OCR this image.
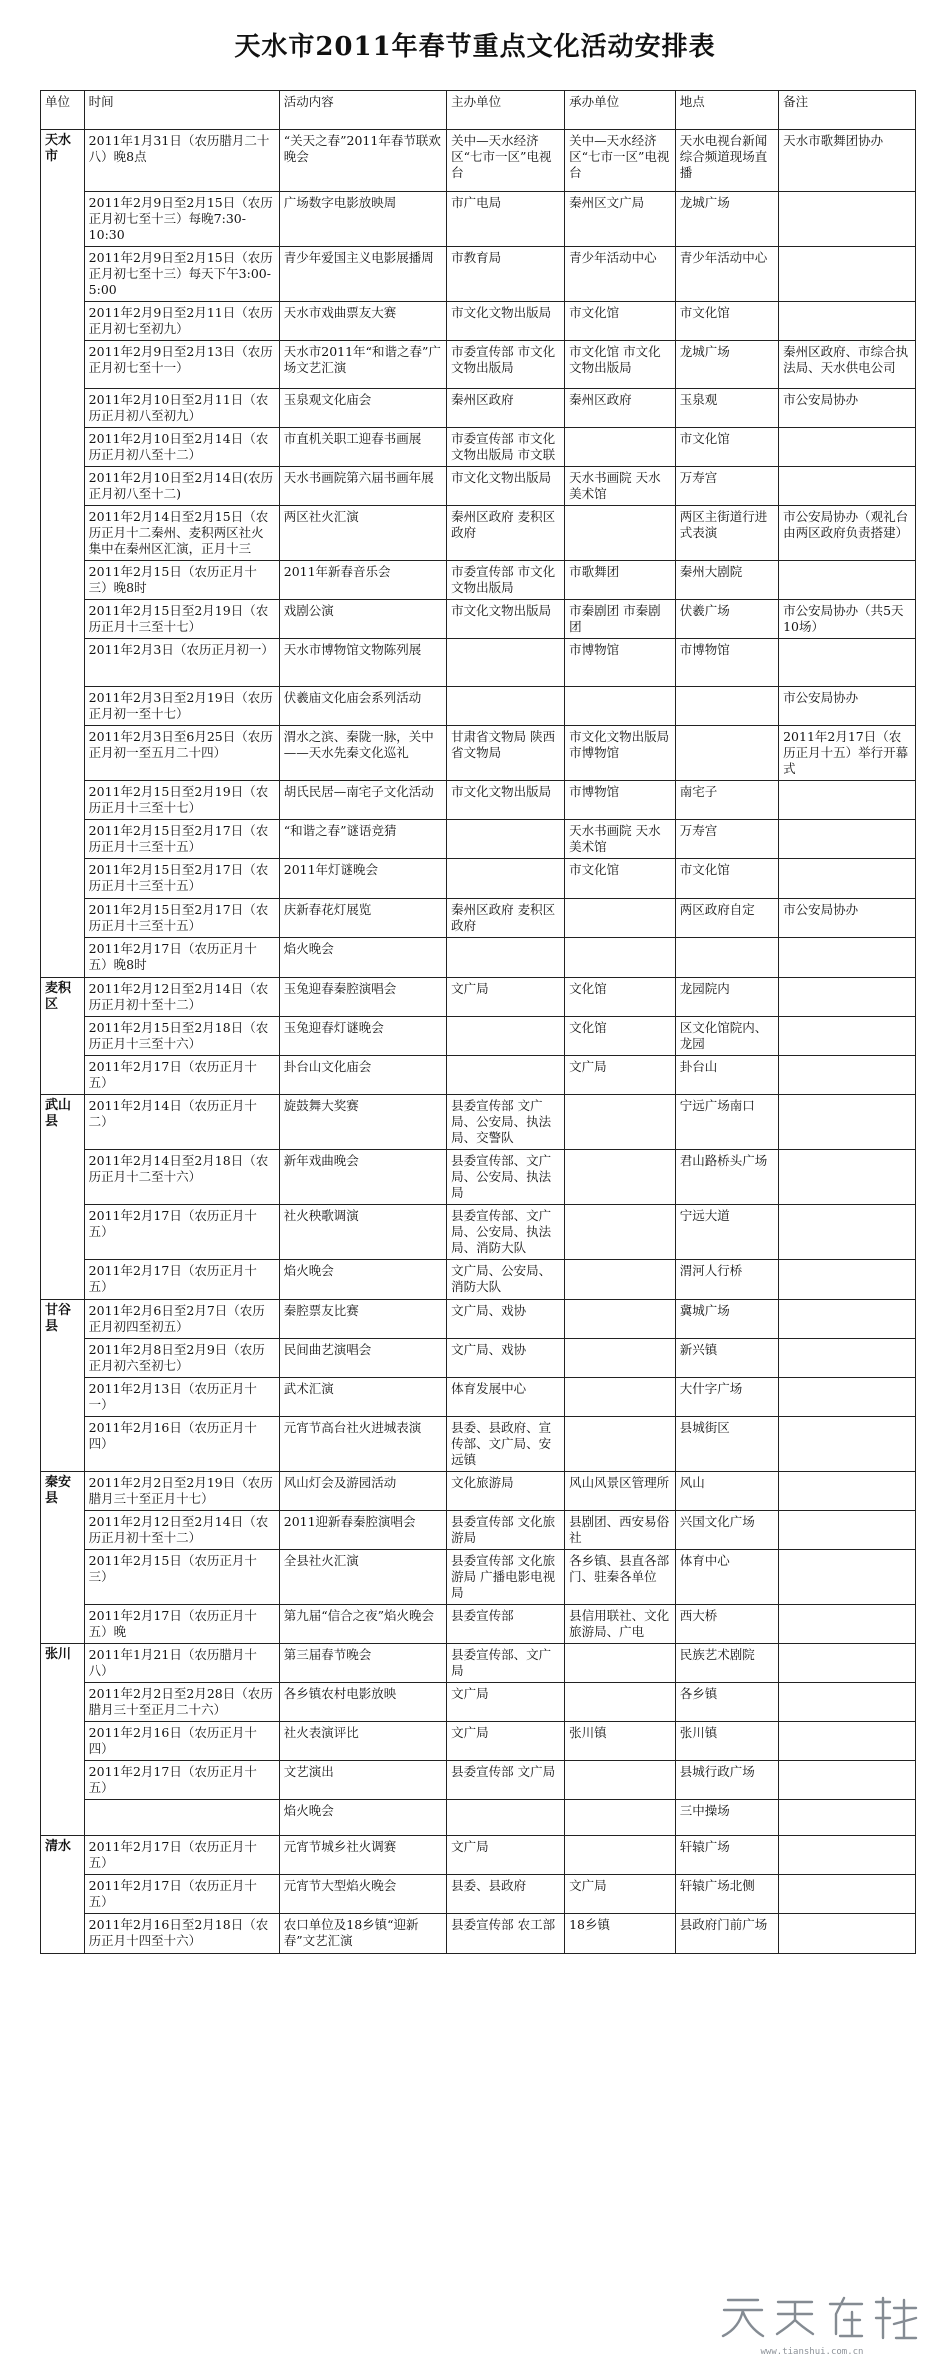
天水市2011年春节重点文化活动安排表
单位	时间	活动内容	主办单位	承办单位	地点	备注
天水市	2011年1月31日（农历腊月二十八）晚8点	“关天之春”2011年春节联欢晚会	关中—天水经济区“七市一区”电视台	关中—天水经济区“七市一区”电视台	天水电视台新闻综合频道现场直播	天水市歌舞团协办
	2011年2月9日至2月15日（农历正月初七至十三）每晚7:30-10:30	广场数字电影放映周	市广电局	秦州区文广局	龙城广场	
	2011年2月9日至2月15日（农历正月初七至十三）每天下午3:00-5:00	青少年爱国主义电影展播周	市教育局	青少年活动中心	青少年活动中心	
	2011年2月9日至2月11日（农历正月初七至初九）	天水市戏曲票友大赛	市文化文物出版局	市文化馆	市文化馆	
	2011年2月9日至2月13日（农历正月初七至十一）	天水市2011年“和谐之春”广场文艺汇演	市委宣传部 市文化文物出版局	市文化馆 市文化文物出版局	龙城广场	秦州区政府、市综合执法局、天水供电公司
	2011年2月10日至2月11日（农历正月初八至初九）	玉泉观文化庙会	秦州区政府	秦州区政府	玉泉观	市公安局协办
	2011年2月10日至2月14日（农历正月初八至十二）	市直机关职工迎春书画展	市委宣传部 市文化文物出版局 市文联		市文化馆	
	2011年2月10日至2月14日(农历正月初八至十二)	天水书画院第六届书画年展	市文化文物出版局	天水书画院 天水美术馆	万寿宫	
	2011年2月14日至2月15日（农历正月十二秦州、麦积两区社火集中在秦州区汇演，正月十三	两区社火汇演	秦州区政府 麦积区政府		两区主街道行进式表演	市公安局协办（观礼台由两区政府负责搭建）
	2011年2月15日（农历正月十三）晚8时	2011年新春音乐会	市委宣传部 市文化文物出版局	市歌舞团	秦州大剧院	
	2011年2月15日至2月19日（农历正月十三至十七）	戏剧公演	市文化文物出版局	市秦剧团 市秦剧团	伏羲广场	市公安局协办（共5天10场）
	2011年2月3日（农历正月初一）	天水市博物馆文物陈列展		市博物馆	市博物馆	
	2011年2月3日至2月19日（农历正月初一至十七）	伏羲庙文化庙会系列活动				市公安局协办
	2011年2月3日至6月25日（农历正月初一至五月二十四）	渭水之滨、秦陇一脉，关中——天水先秦文化巡礼	甘肃省文物局 陕西省文物局	市文化文物出版局 市博物馆		2011年2月17日（农历正月十五）举行开幕式
	2011年2月15日至2月19日（农历正月十三至十七）	胡氏民居—南宅子文化活动	市文化文物出版局	市博物馆	南宅子	
	2011年2月15日至2月17日（农历正月十三至十五）	“和谐之春”谜语竞猜		天水书画院 天水美术馆	万寿宫	
	2011年2月15日至2月17日（农历正月十三至十五）	2011年灯谜晚会		市文化馆	市文化馆	
	2011年2月15日至2月17日（农历正月十三至十五）	庆新春花灯展览	秦州区政府 麦积区政府		两区政府自定	市公安局协办
	2011年2月17日（农历正月十五）晚8时	焰火晚会				
麦积区	2011年2月12日至2月14日（农历正月初十至十二）	玉兔迎春秦腔演唱会	文广局	文化馆	龙园院内	
	2011年2月15日至2月18日（农历正月十三至十六）	玉兔迎春灯谜晚会		文化馆	区文化馆院内、龙园	
	2011年2月17日（农历正月十五）	卦台山文化庙会		文广局	卦台山	
武山县	2011年2月14日（农历正月十二）	旋鼓舞大奖赛	县委宣传部 文广局、公安局、执法局、交警队		宁远广场南口	
	2011年2月14日至2月18日（农历正月十二至十六）	新年戏曲晚会	县委宣传部、文广局、公安局、执法局		君山路桥头广场	
	2011年2月17日（农历正月十五）	社火秧歌调演	县委宣传部、文广局、公安局、执法局、消防大队		宁远大道	
	2011年2月17日（农历正月十五）	焰火晚会	文广局、公安局、消防大队		渭河人行桥	
甘谷县	2011年2月6日至2月7日（农历正月初四至初五）	秦腔票友比赛	文广局、戏协		冀城广场	
	2011年2月8日至2月9日（农历正月初六至初七）	民间曲艺演唱会	文广局、戏协		新兴镇	
	2011年2月13日（农历正月十一）	武术汇演	体育发展中心		大什字广场	
	2011年2月16日（农历正月十四）	元宵节高台社火进城表演	县委、县政府、宣传部、文广局、安远镇		县城街区	
秦安县	2011年2月2日至2月19日（农历腊月三十至正月十七）	风山灯会及游园活动	文化旅游局	风山风景区管理所	风山	
	2011年2月12日至2月14日（农历正月初十至十二）	2011迎新春秦腔演唱会	县委宣传部 文化旅游局	县剧团、西安易俗社	兴国文化广场	
	2011年2月15日（农历正月十三）	全县社火汇演	县委宣传部 文化旅游局 广播电影电视局	各乡镇、县直各部门、驻秦各单位	体育中心	
	2011年2月17日（农历正月十五）晚	第九届“信合之夜”焰火晚会	县委宣传部	县信用联社、文化旅游局、广电	西大桥	
张川	2011年1月21日（农历腊月十八）	第三届春节晚会	县委宣传部、文广局		民族艺术剧院	
	2011年2月2日至2月28日（农历腊月三十至正月二十六）	各乡镇农村电影放映	文广局		各乡镇	
	2011年2月16日（农历正月十四）	社火表演评比	文广局	张川镇	张川镇	
	2011年2月17日（农历正月十五）	文艺演出	县委宣传部 文广局		县城行政广场	
		焰火晚会			三中操场	
清水	2011年2月17日（农历正月十五）	元宵节城乡社火调赛	文广局		轩辕广场	
	2011年2月17日（农历正月十五）	元宵节大型焰火晚会	县委、县政府	文广局	轩辕广场北侧	
	2011年2月16日至2月18日（农历正月十四至十六）	农口单位及18乡镇“迎新春”文艺汇演	县委宣传部 农工部	18乡镇	县政府门前广场	
www.tianshui.com.cn
